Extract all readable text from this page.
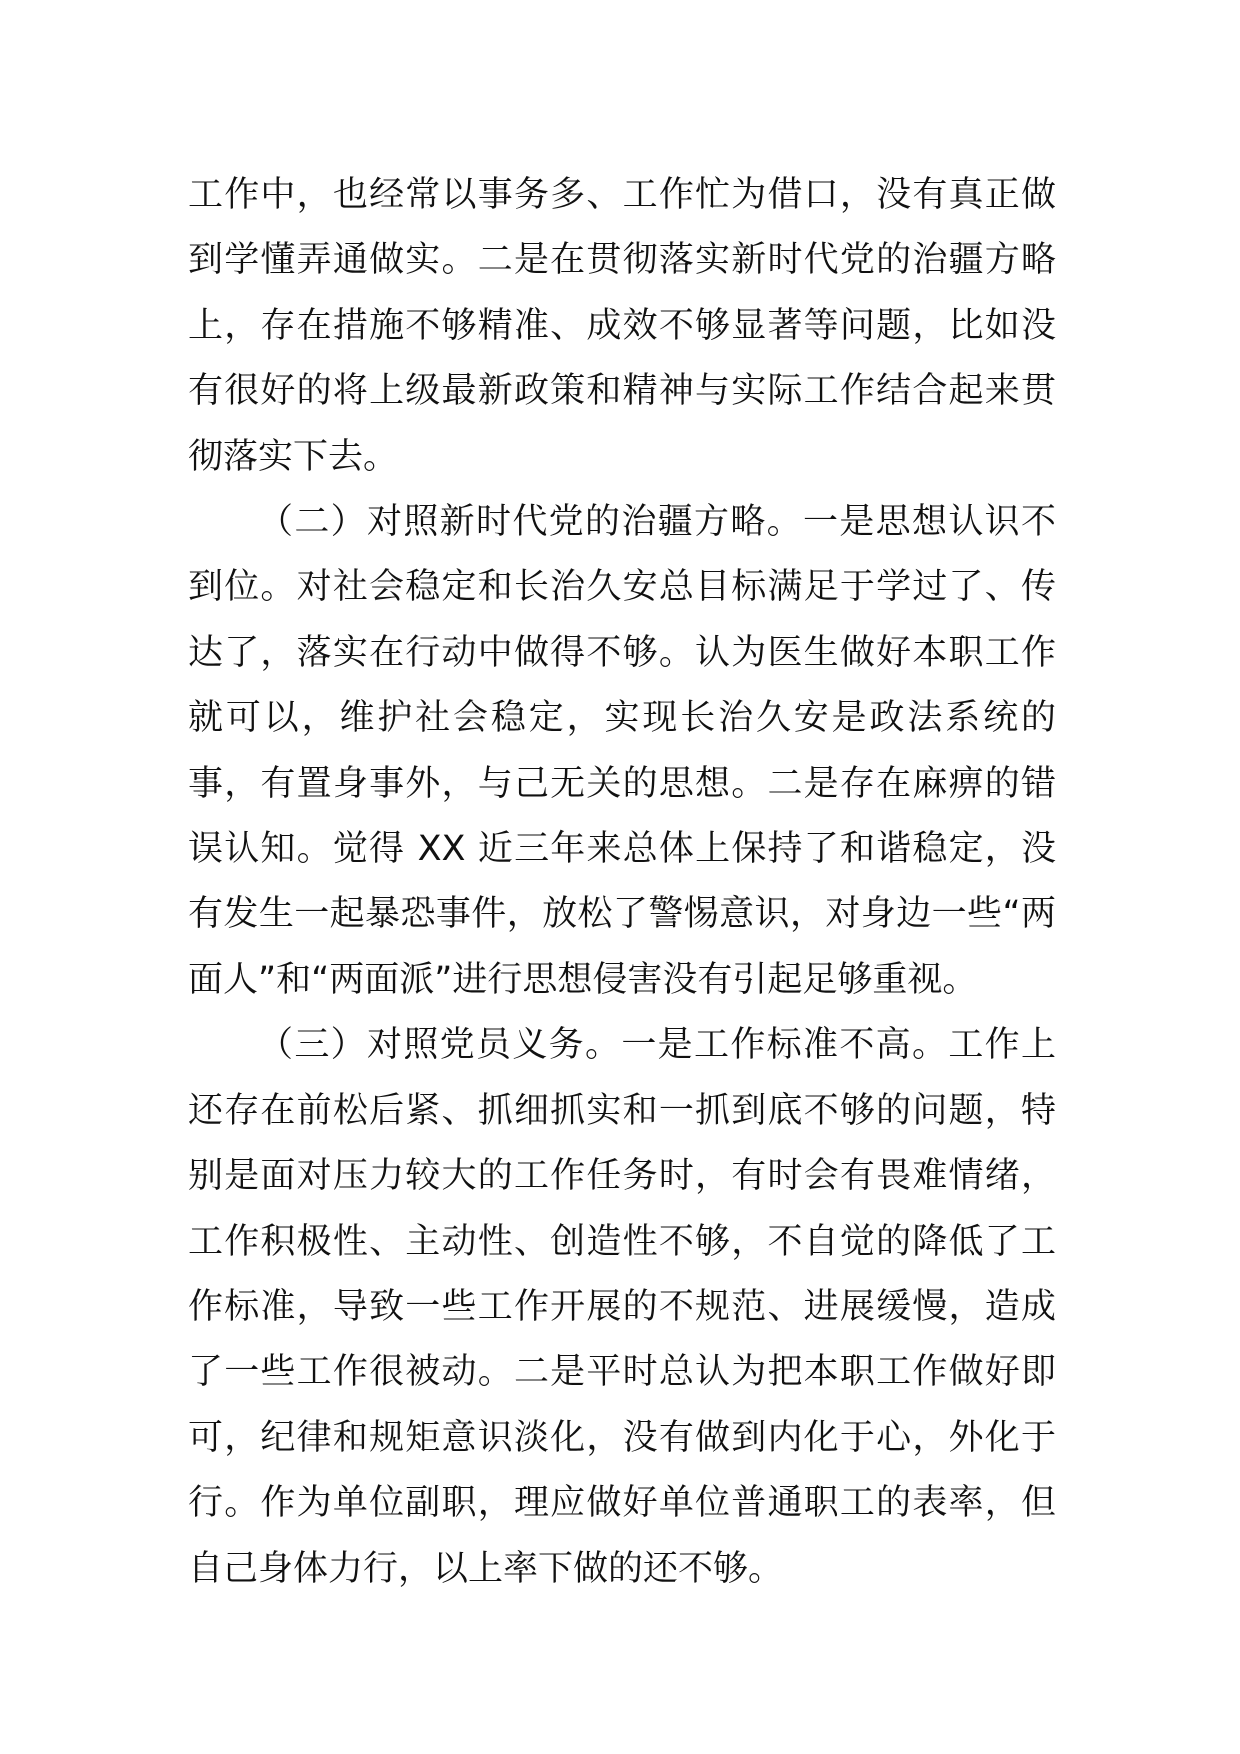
工作中，也经常以事务多、工作忙为借口，没有真正做到学懂弄通做实。二是在贯彻落实新时代党的治疆方略上，存在措施不够精准、成效不够显著等问题，比如没有很好的将上级最新政策和精神与实际工作结合起来贯彻落实下去。

（二）对照新时代党的治疆方略。一是思想认识不到位。对社会稳定和长治久安总目标满足于学过了、传达了，落实在行动中做得不够。认为医生做好本职工作就可以，维护社会稳定，实现长治久安是政法系统的事，有置身事外，与己无关的思想。二是存在麻痹的错误认知。觉得 XX 近三年来总体上保持了和谐稳定，没有发生一起暴恐事件，放松了警惕意识，对身边一些“两面人”和“两面派”进行思想侵害没有引起足够重视。

（三）对照党员义务。一是工作标准不高。工作上还存在前松后紧、抓细抓实和一抓到底不够的问题，特别是面对压力较大的工作任务时，有时会有畏难情绪，工作积极性、主动性、创造性不够，不自觉的降低了工作标准，导致一些工作开展的不规范、进展缓慢，造成了一些工作很被动。二是平时总认为把本职工作做好即可，纪律和规矩意识淡化，没有做到内化于心，外化于行。作为单位副职，理应做好单位普通职工的表率，但自己身体力行，以上率下做的还不够。
